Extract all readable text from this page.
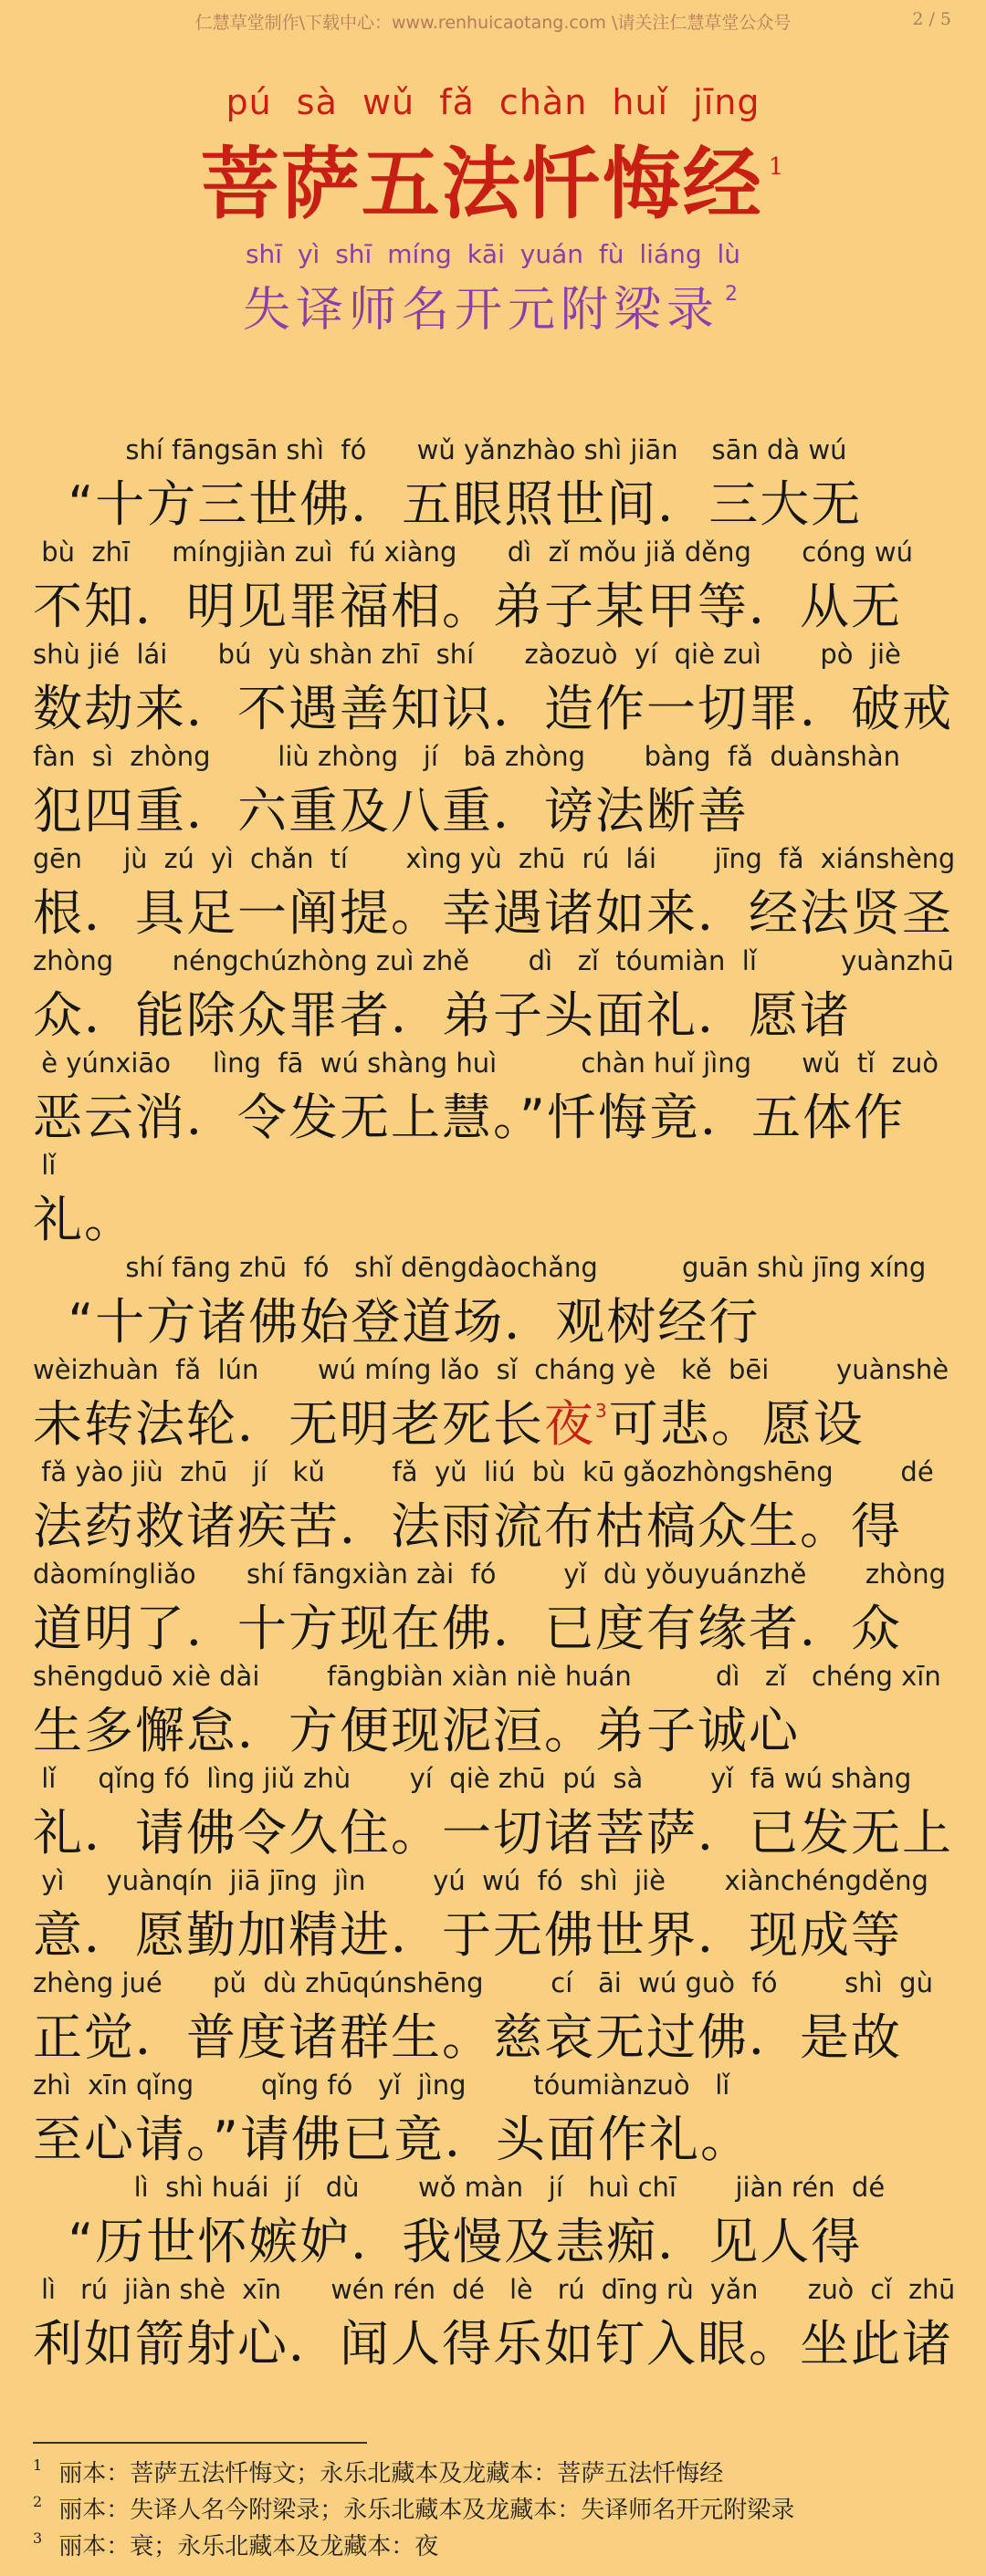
仁慧草堂制作\下载中心：www.renhuicaotang.com \请关注仁慧草堂公众号	2 / 5
pú sà wǔ fǎ chàn huǐ jīng
菩萨五法忏悔经 $^1$
shī yì shī míng kāi yuán fù liáng lù
失译师名开元附梁录 $^2$
shí fāngsān shì  fó      wǔ yǎnzhào shì jiān    sān dà wú
“十方三世佛．五眼照世间．三大无
bù  zhī     míngjiàn zuì  fú xiàng      dì  zǐ mǒu jiǎ děng      cóng wú
不知．明见罪福相。弟子某甲等．从无
shù jié  lái      bú  yù shàn zhī  shí      zàozuò  yí  qiè zuì       pò  jiè
数劫来．不遇善知识．造作一切罪．破戒
fàn  sì  zhòng        liù zhòng   jí   bā zhòng       bàng  fǎ  duànshàn
犯四重．六重及八重．谤法断善
gēn     jù  zú  yì  chǎn  tí       xìng yù  zhū  rú  lái       jīng  fǎ  xiánshèng
根．具足一阐提。幸遇诸如来．经法贤圣
zhòng       néngchúzhòng zuì zhě       dì   zǐ  tóumiàn  lǐ          yuànzhū
众．能除众罪者．弟子头面礼．愿诸
è yúnxiāo     lìng  fā  wú shàng huì          chàn huǐ jìng      wǔ  tǐ  zuò
恶云消．令发无上慧。”忏悔竟．五体作
lǐ
礼。
shí fāng zhū  fó   shǐ dēngdàochǎng          guān shù jīng xíng
“十方诸佛始登道场．观树经行
wèizhuàn  fǎ  lún       wú míng lǎo  sǐ  cháng yè   kě  bēi        yuànshè
未转法轮．无明老死长夜$^3$可悲。愿设
fǎ yào jiù  zhū   jí   kǔ        fǎ  yǔ  liú  bù  kū gǎozhòngshēng        dé
法药救诸疾苦．法雨流布枯槁众生。得
dàomíngliǎo      shí fāngxiàn zài  fó        yǐ  dù yǒuyuánzhě       zhòng
道明了．十方现在佛．已度有缘者．众
shēngduō xiè dài        fāngbiàn xiàn niè huán          dì   zǐ   chéng xīn
生多懈怠．方便现泥洹。弟子诚心
lǐ     qǐng fó  lìng jiǔ zhù       yí  qiè zhū  pú  sà        yǐ  fā wú shàng
礼．请佛令久住。一切诸菩萨．已发无上
yì     yuànqín  jiā jīng  jìn        yú  wú  fó  shì  jiè       xiànchéngděng
意．愿勤加精进．于无佛世界．现成等
zhèng jué      pǔ  dù zhūqúnshēng        cí   āi  wú guò  fó        shì  gù
正觉．普度诸群生。慈哀无过佛．是故
zhì  xīn qǐng        qǐng fó   yǐ  jìng        tóumiànzuò   lǐ
至心请。”请佛已竟．头面作礼。
lì  shì huái  jí   dù       wǒ màn   jí   huì chī       jiàn rén  dé
“历世怀嫉妒．我慢及恚痴．见人得
lì   rú  jiàn shè  xīn      wén rén  dé   lè   rú  dīng rù  yǎn      zuò  cǐ  zhū
利如箭射心．闻人得乐如钉入眼。坐此诸
$^1$ 丽本：菩萨五法忏悔文；永乐北藏本及龙藏本：菩萨五法忏悔经
$^2$ 丽本：失译人名今附梁录；永乐北藏本及龙藏本：失译师名开元附梁录
$^3$ 丽本：衰；永乐北藏本及龙藏本：夜
